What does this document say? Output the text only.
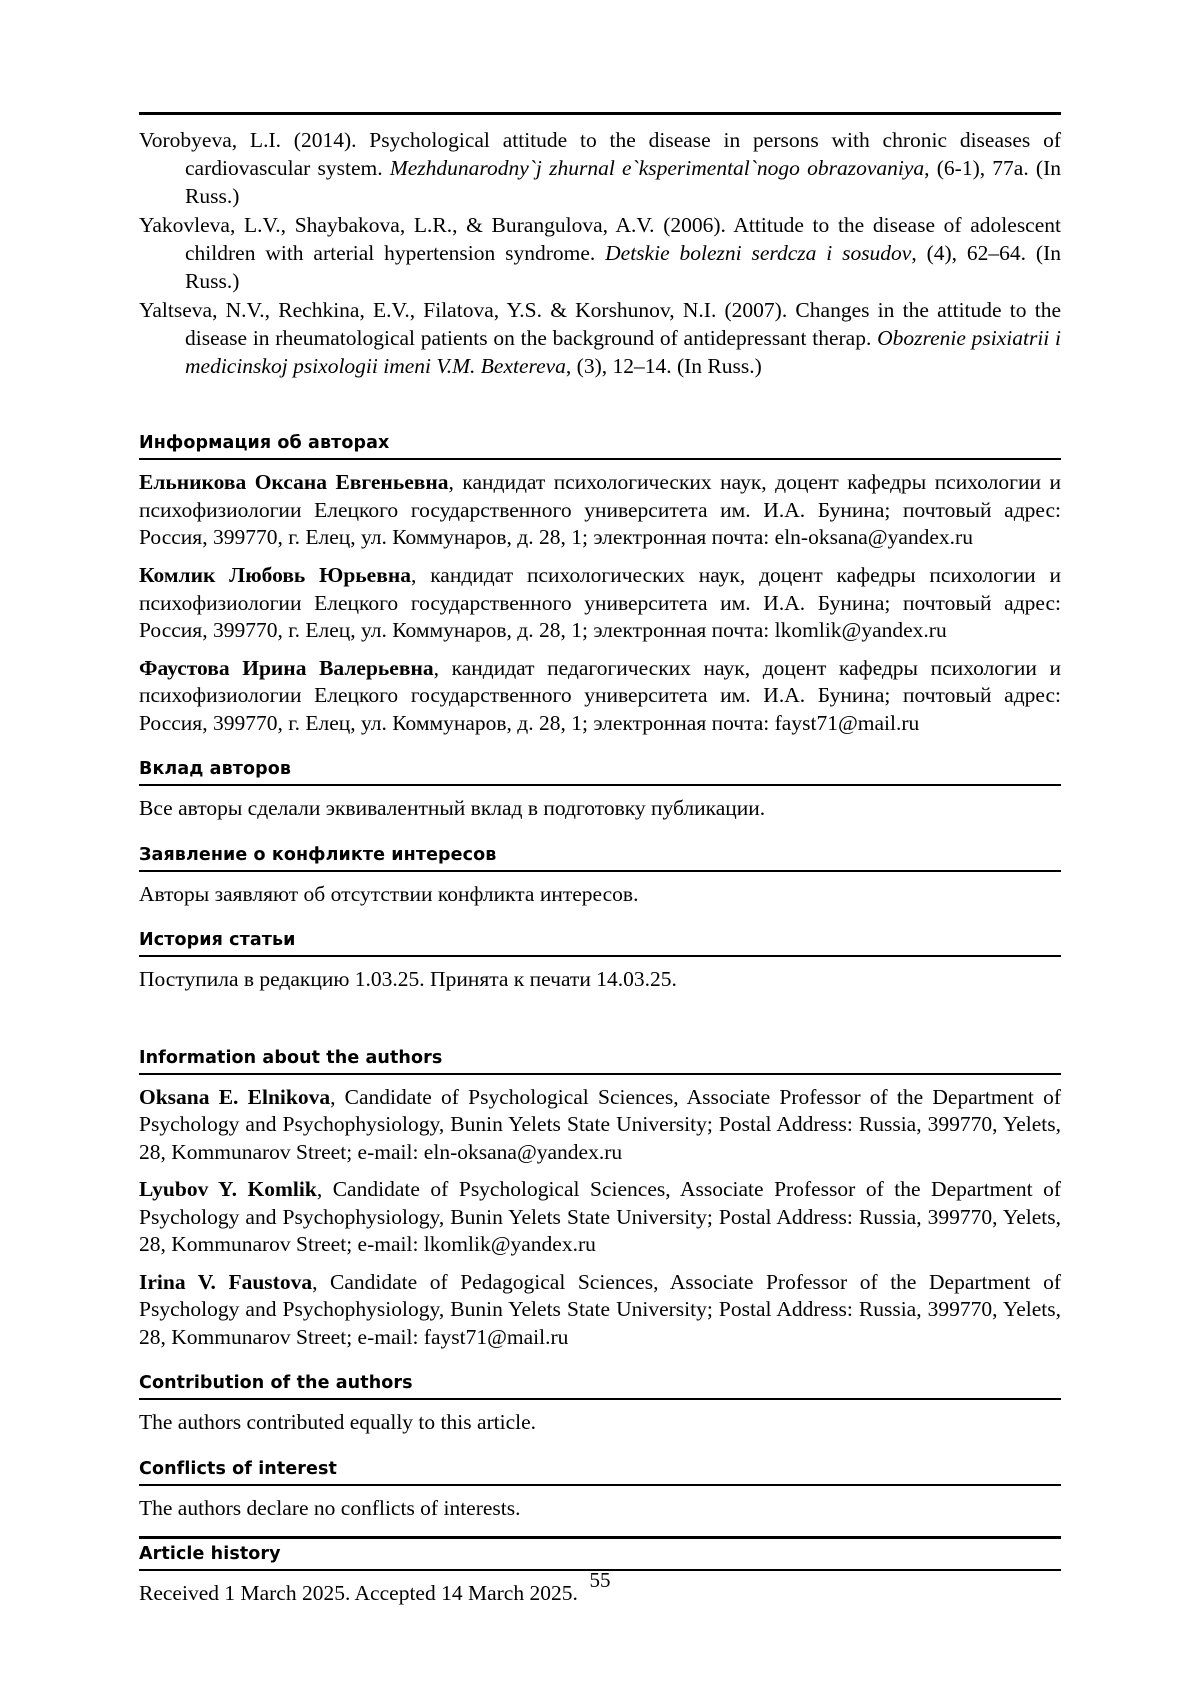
Vorobyeva, L.I. (2014). Psychological attitude to the disease in persons with chronic diseases of cardiovascular system. Mezhdunarodny`j zhurnal e`ksperimental`nogo obrazovaniya, (6-1), 77a. (In Russ.)
Yakovleva, L.V., Shaybakova, L.R., & Burangulova, A.V. (2006). Attitude to the disease of adolescent children with arterial hypertension syndrome. Detskie bolezni serdcza i sosudov, (4), 62–64. (In Russ.)
Yaltseva, N.V., Rechkina, E.V., Filatova, Y.S. & Korshunov, N.I. (2007). Changes in the attitude to the disease in rheumatological patients on the background of antidepressant therap. Obozrenie psixiatrii i medicinskoj psixologii imeni V.M. Bextereva, (3), 12–14. (In Russ.)
Информация об авторах
Ельникова Оксана Евгеньевна, кандидат психологических наук, доцент кафедры психологии и психофизиологии Елецкого государственного университета им. И.А. Бунина; почтовый адрес: Россия, 399770, г. Елец, ул. Коммунаров, д. 28, 1; электронная почта: eln-oksana@yandex.ru
Комлик Любовь Юрьевна, кандидат психологических наук, доцент кафедры психологии и психофизиологии Елецкого государственного университета им. И.А. Бунина; почтовый адрес: Россия, 399770, г. Елец, ул. Коммунаров, д. 28, 1; электронная почта: lkomlik@yandex.ru
Фаустова Ирина Валерьевна, кандидат педагогических наук, доцент кафедры психологии и психофизиологии Елецкого государственного университета им. И.А. Бунина; почтовый адрес: Россия, 399770, г. Елец, ул. Коммунаров, д. 28, 1; электронная почта: fayst71@mail.ru
Вклад авторов
Все авторы сделали эквивалентный вклад в подготовку публикации.
Заявление о конфликте интересов
Авторы заявляют об отсутствии конфликта интересов.
История статьи
Поступила в редакцию 1.03.25. Принята к печати 14.03.25.
Information about the authors
Oksana E. Elnikova, Candidate of Psychological Sciences, Associate Professor of the Department of Psychology and Psychophysiology, Bunin Yelets State University; Postal Address: Russia, 399770, Yelets, 28, Kommunarov Street; e-mail: eln-oksana@yandex.ru
Lyubov Y. Komlik, Candidate of Psychological Sciences, Associate Professor of the Department of Psychology and Psychophysiology, Bunin Yelets State University; Postal Address: Russia, 399770, Yelets, 28, Kommunarov Street; e-mail: lkomlik@yandex.ru
Irina V. Faustova, Candidate of Pedagogical Sciences, Associate Professor of the Department of Psychology and Psychophysiology, Bunin Yelets State University; Postal Address: Russia, 399770, Yelets, 28, Kommunarov Street; e-mail: fayst71@mail.ru
Contribution of the authors
The authors contributed equally to this article.
Conflicts of interest
The authors declare no conflicts of interests.
Article history
Received 1 March 2025. Accepted 14 March 2025.
55
